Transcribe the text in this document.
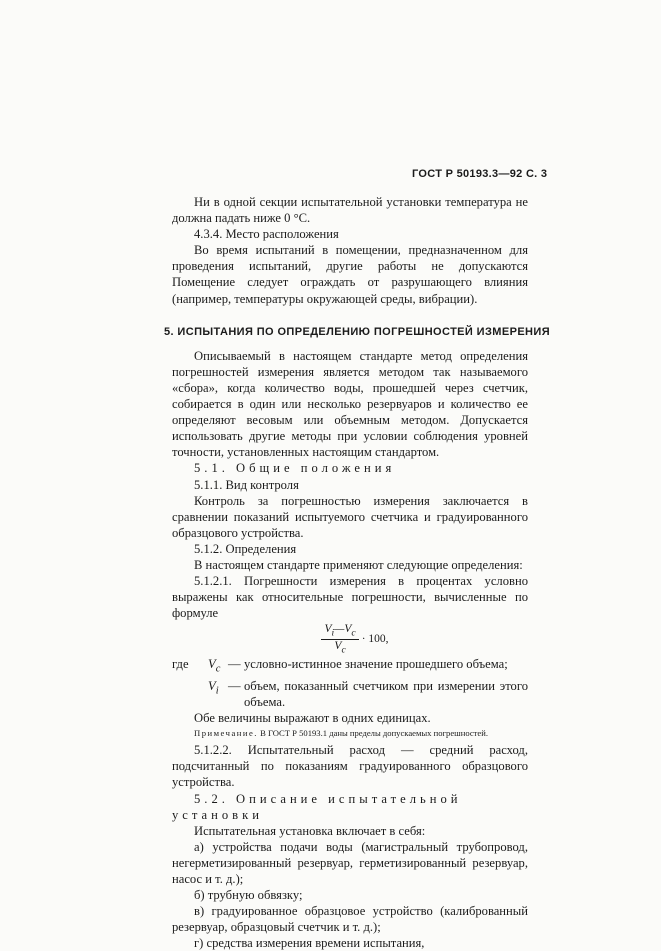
ГОСТ Р 50193.3—92 С. 3

Ни в одной секции испытательной установки температура не должна падать ниже 0 °С.

4.3.4. Место расположения

Во время испытаний в помещении, предназначенном для проведения испытаний, другие работы не допускаются Помещение следует ограждать от разрушающего влияния (например, температуры окружающей среды, вибрации).

5. ИСПЫТАНИЯ ПО ОПРЕДЕЛЕНИЮ ПОГРЕШНОСТЕЙ ИЗМЕРЕНИЯ

Описываемый в настоящем стандарте метод определения погрешностей измерения является методом так называемого «сбора», когда количество воды, прошедшей через счетчик, собирается в один или несколько резервуаров и количество ее определяют весовым или объемным методом. Допускается использовать другие методы при условии соблюдения уровней точности, установленных настоящим стандартом.

5.1. Общие положения

5.1.1. Вид контроля

Контроль за погрешностью измерения заключается в сравнении показаний испытуемого счетчика и градуированного образцового устройства.

5.1.2. Определения

В настоящем стандарте применяют следующие определения:

5.1.2.1. Погрешности измерения в процентах условно выражены как относительные погрешности, вычисленные по формуле

$\frac{V_i—V_c}{V_c} \cdot 100$,
где	$V_c$ — условно-истинное значение прошедшего объема;
$V_i$ — объем, показанный счетчиком при измерении этого объема.

Обе величины выражают в одних единицах.

Примечание. В ГОСТ Р 50193.1 даны пределы допускаемых погрешностей.

5.1.2.2. Испытательный расход — средний расход, подсчитанный по показаниям градуированного образцового устройства.

5.2. Описание испытательной установки

Испытательная установка включает в себя:

а) устройства подачи воды (магистральный трубопровод, негерметизированный резервуар, герметизированный резервуар, насос и т. д.);

б) трубную обвязку;

в) градуированное образцовое устройство (калиброванный резервуар, образцовый счетчик и т. д.);

г) средства измерения времени испытания,
